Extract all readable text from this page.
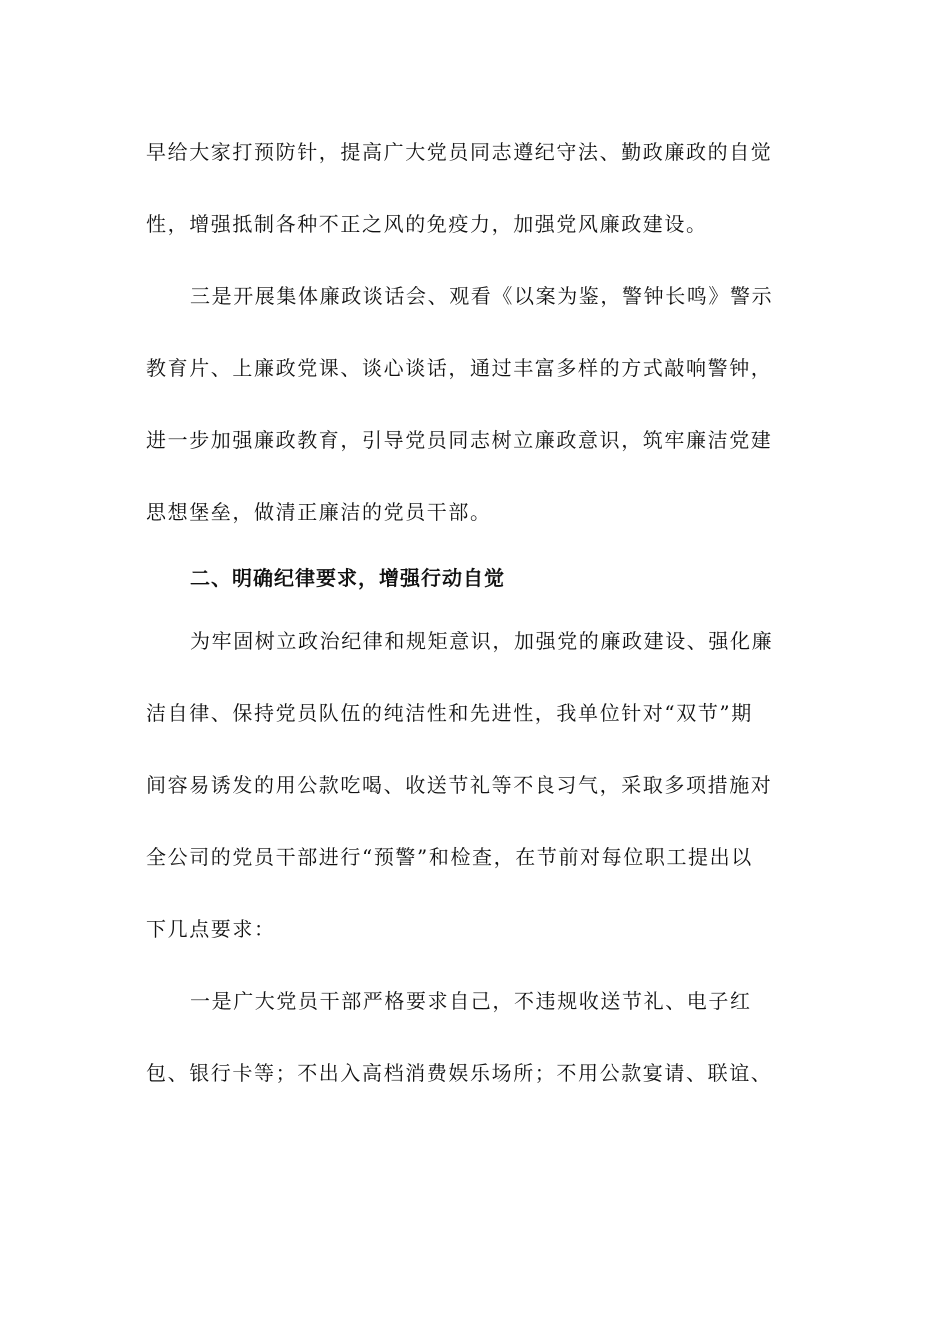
早给大家打预防针，提高广大党员同志遵纪守法、勤政廉政的自觉
性，增强抵制各种不正之风的免疫力，加强党风廉政建设。
三是开展集体廉政谈话会、观看《以案为鉴，警钟长鸣》警示
教育片、上廉政党课、谈心谈话，通过丰富多样的方式敲响警钟，
进一步加强廉政教育，引导党员同志树立廉政意识，筑牢廉洁党建
思想堡垒，做清正廉洁的党员干部。
二、明确纪律要求，增强行动自觉
为牢固树立政治纪律和规矩意识，加强党的廉政建设、强化廉
洁自律、保持党员队伍的纯洁性和先进性，我单位针对“双节”期
间容易诱发的用公款吃喝、收送节礼等不良习气，采取多项措施对
全公司的党员干部进行“预警”和检查，在节前对每位职工提出以
下几点要求：
一是广大党员干部严格要求自己，不违规收送节礼、电子红
包、银行卡等；不出入高档消费娱乐场所；不用公款宴请、联谊、
